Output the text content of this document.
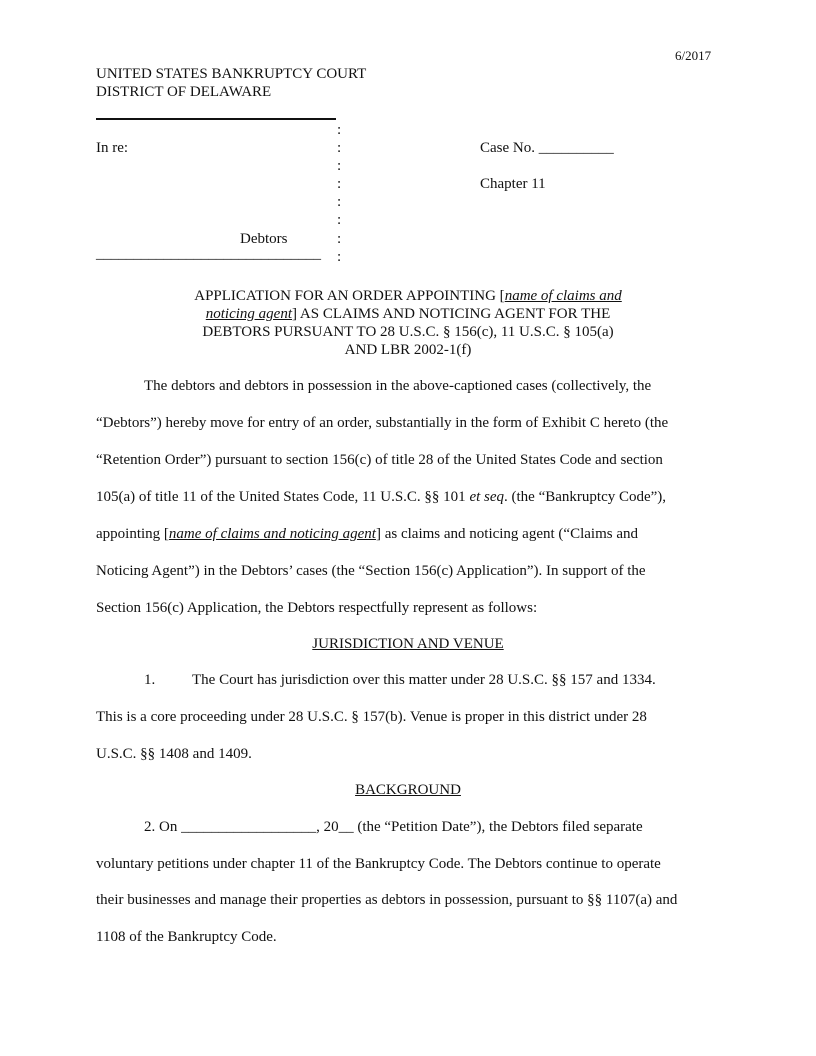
6/2017
UNITED STATES BANKRUPTCY COURT
DISTRICT OF DELAWARE
:
:
:
:
:
:
:
:
In re:	Case No. __________
Chapter 11
Debtors
______________________________
APPLICATION FOR AN ORDER APPOINTING [name of claims and
noticing agent] AS CLAIMS AND NOTICING AGENT FOR THE
DEBTORS PURSUANT TO 28 U.S.C. § 156(c), 11 U.S.C. § 105(a)
AND LBR 2002-1(f)
The debtors and debtors in possession in the above-captioned cases (collectively, the
“Debtors”) hereby move for entry of an order, substantially in the form of Exhibit C hereto (the
“Retention Order”) pursuant to section 156(c) of title 28 of the United States Code and section
105(a) of title 11 of the United States Code, 11 U.S.C. §§ 101 et seq. (the “Bankruptcy Code”),
appointing [name of claims and noticing agent] as claims and noticing agent (“Claims and
Noticing Agent”) in the Debtors’ cases (the “Section 156(c) Application”). In support of the
Section 156(c) Application, the Debtors respectfully represent as follows:
JURISDICTION AND VENUE
1. The Court has jurisdiction over this matter under 28 U.S.C. §§ 157 and 1334.
This is a core proceeding under 28 U.S.C. § 157(b). Venue is proper in this district under 28
U.S.C. §§ 1408 and 1409.
BACKGROUND
2. On __________________, 20__ (the “Petition Date”), the Debtors filed separate
voluntary petitions under chapter 11 of the Bankruptcy Code. The Debtors continue to operate
their businesses and manage their properties as debtors in possession, pursuant to §§ 1107(a) and
1108 of the Bankruptcy Code.
